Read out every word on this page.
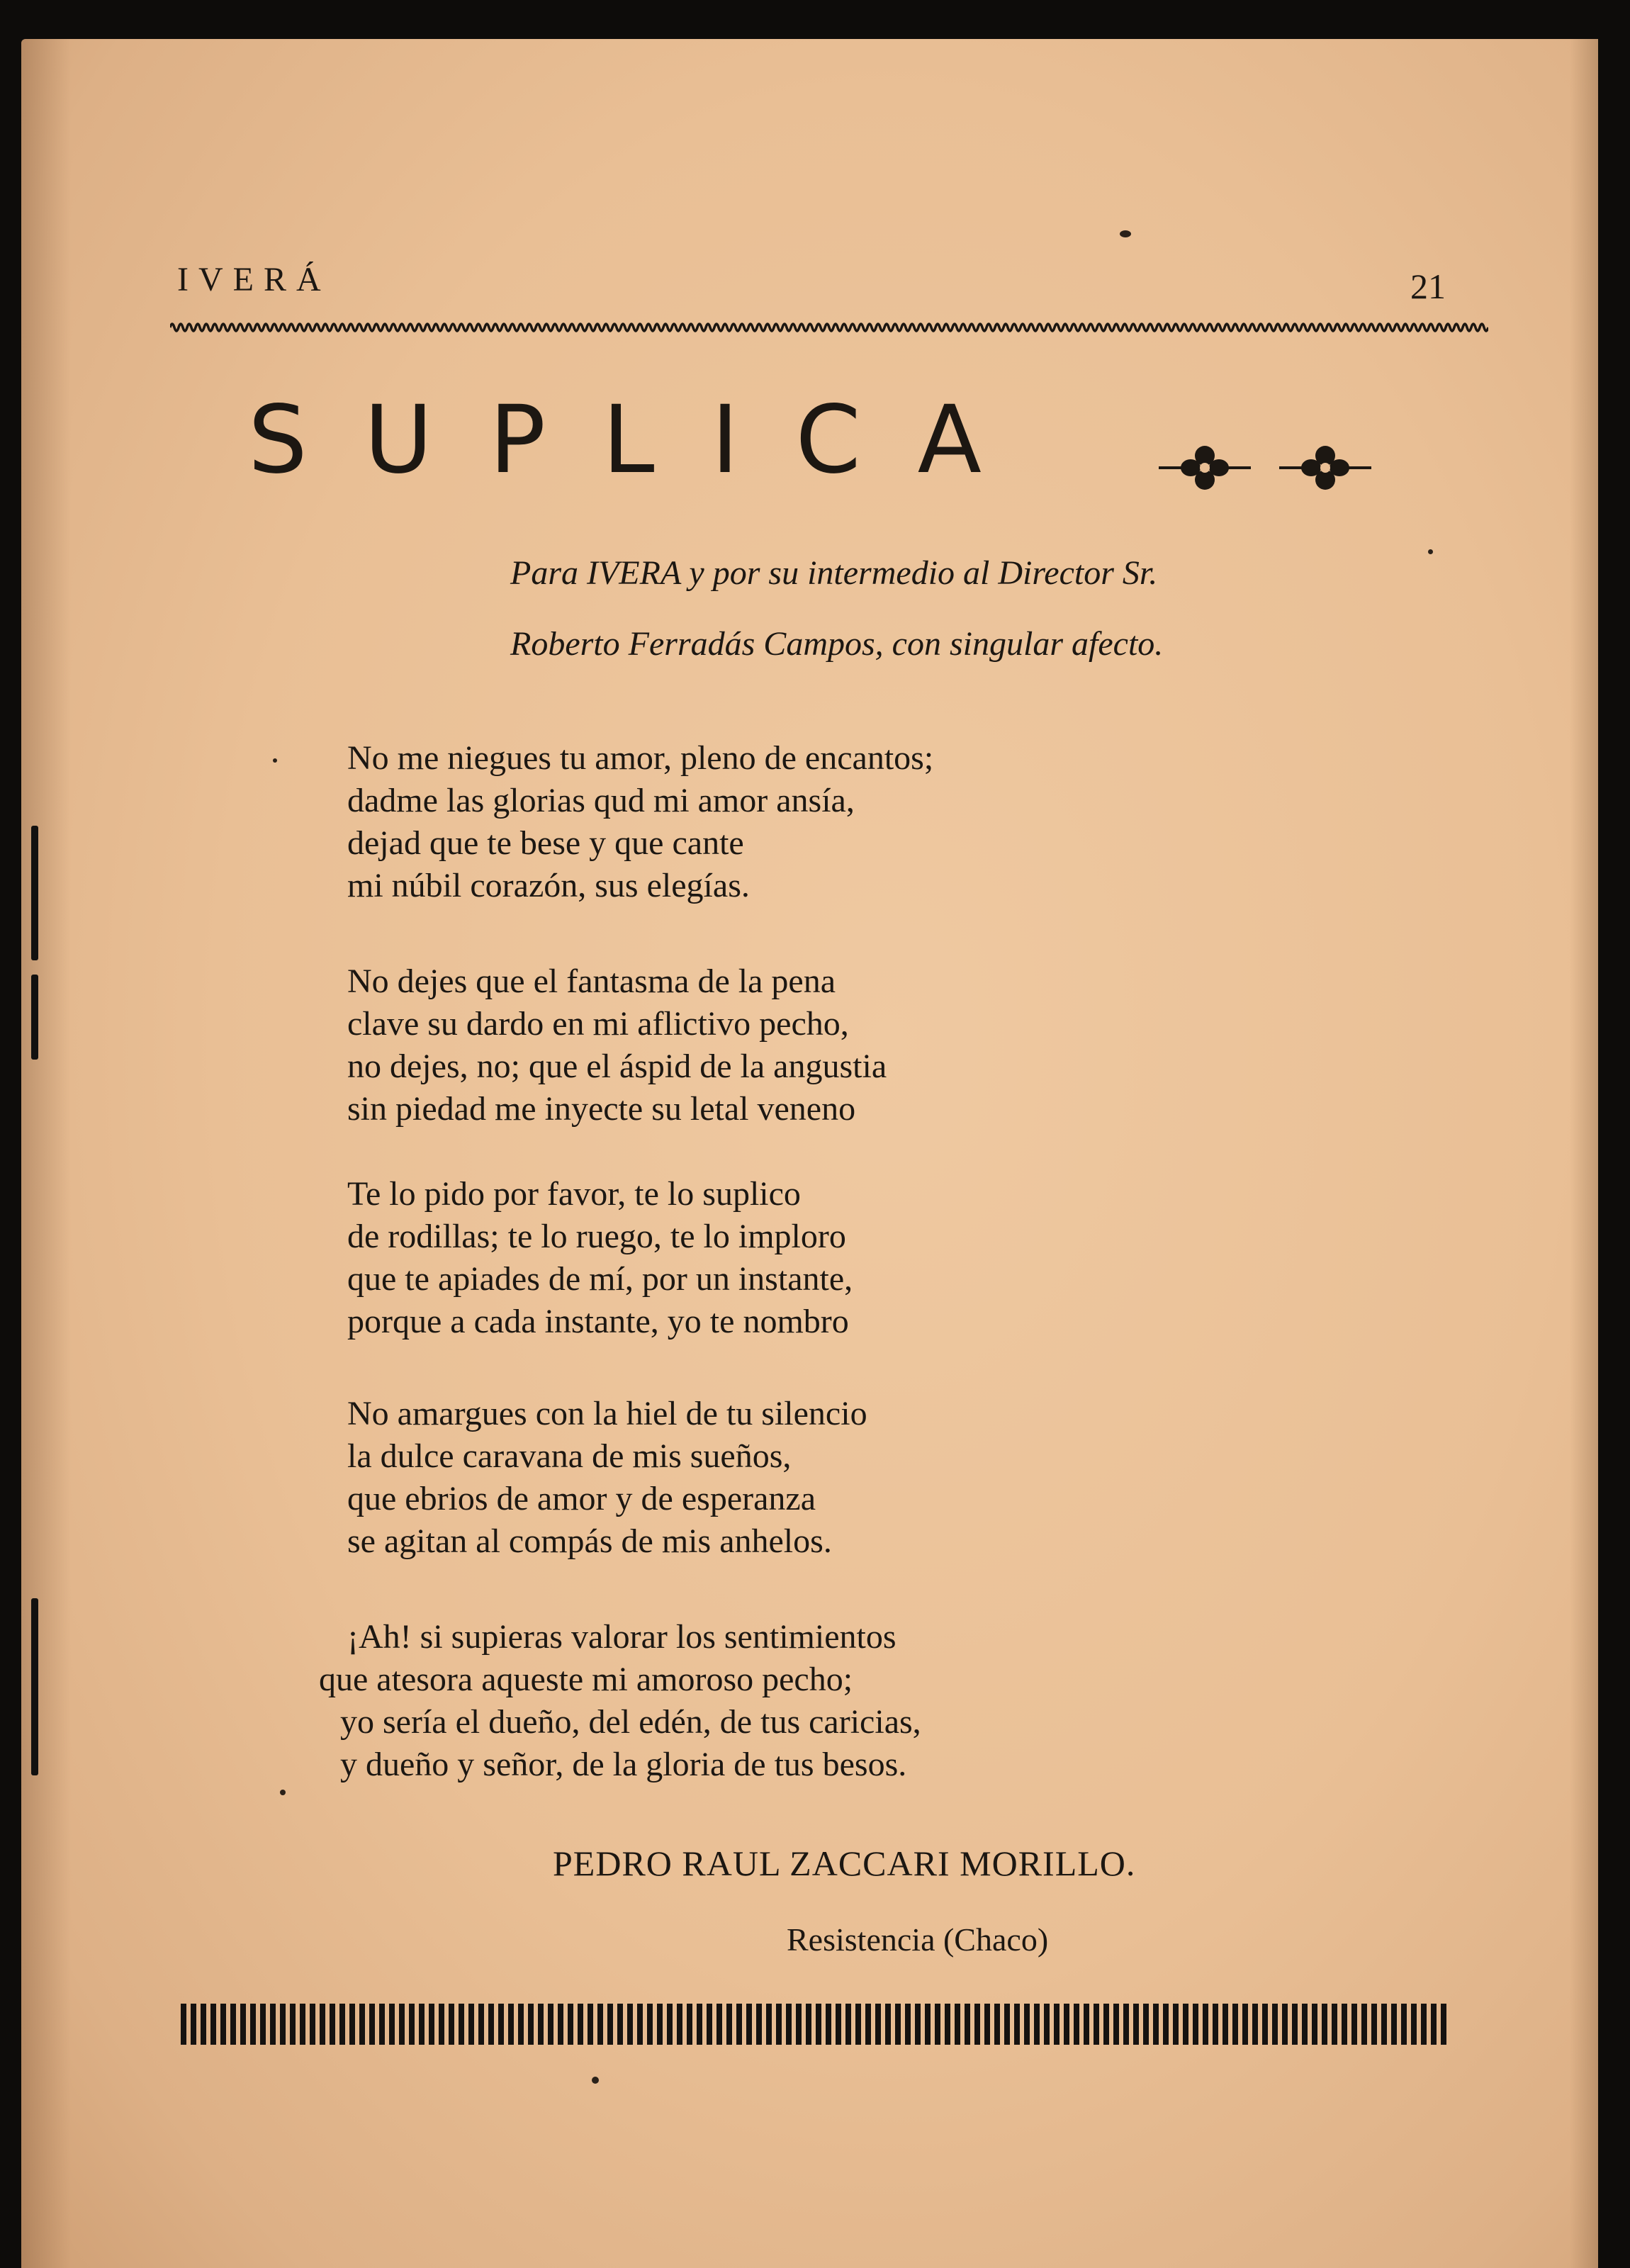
IVERÁ	21
SUPLICA
Para IVERA y por su intermedio al Director Sr.
Roberto Ferradás Campos, con singular afecto.
No me niegues tu amor, pleno de encantos;
dadme las glorias qud mi amor ansía,
dejad que te bese y que cante
mi núbil corazón, sus elegías.
No dejes que el fantasma de la pena
clave su dardo en mi aflictivo pecho,
no dejes, no; que el áspid de la angustia
sin piedad me inyecte su letal veneno
Te lo pido por favor, te lo suplico
de rodillas; te lo ruego, te lo imploro
que te apiades de mí, por un instante,
porque a cada instante, yo te nombro
No amargues con la hiel de tu silencio
la dulce caravana de mis sueños,
que ebrios de amor y de esperanza
se agitan al compás de mis anhelos.
¡Ah! si supieras valorar los sentimientos
que atesora aqueste mi amoroso pecho;
yo sería el dueño, del edén, de tus caricias,
y dueño y señor, de la gloria de tus besos.
PEDRO RAUL ZACCARI MORILLO.
Resistencia (Chaco)
